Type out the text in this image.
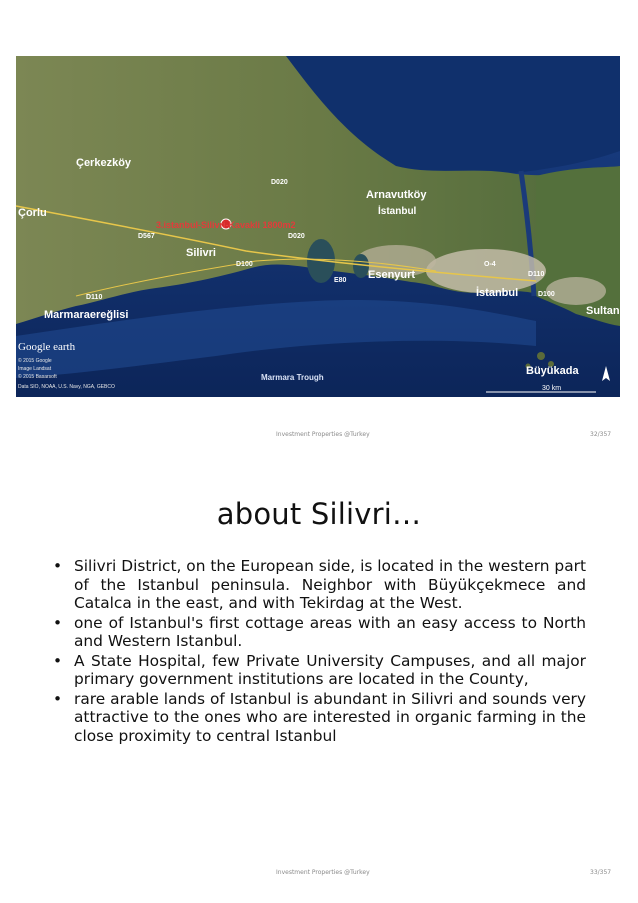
Çerkezköy
Çorlu
Silivri
Marmaraereğlisi
Arnavutköy
İstanbul
Esenyurt
İstanbul
Büyükada
Sultanb
Marmara Trough
3.istanbul-Silivri-Kavakli 1800m2
D020
D567
D110
D100
D020
E80
O-4
D110
D100
Google earth
© 2015 Google
Image Landsat
© 2015 Basarsoft
Data SIO, NOAA, U.S. Navy, NGA, GEBCO	30 km
Investment Properties @Turkey	32/357
about Silivri…
• Silivri District, on the European side, is located in the western part of the Istanbul peninsula. Neighbor with Büyükçekmece and Catalca in the east, and with Tekirdag at the West.
• one of Istanbul's first cottage areas with an easy access to North and Western Istanbul.
• A State Hospital, few Private University Campuses, and all major primary government institutions are located in the County,
• rare arable lands of Istanbul is abundant in Silivri and sounds very attractive to the ones who are interested in organic farming in the close proximity to central Istanbul
Investment Properties @Turkey	33/357
